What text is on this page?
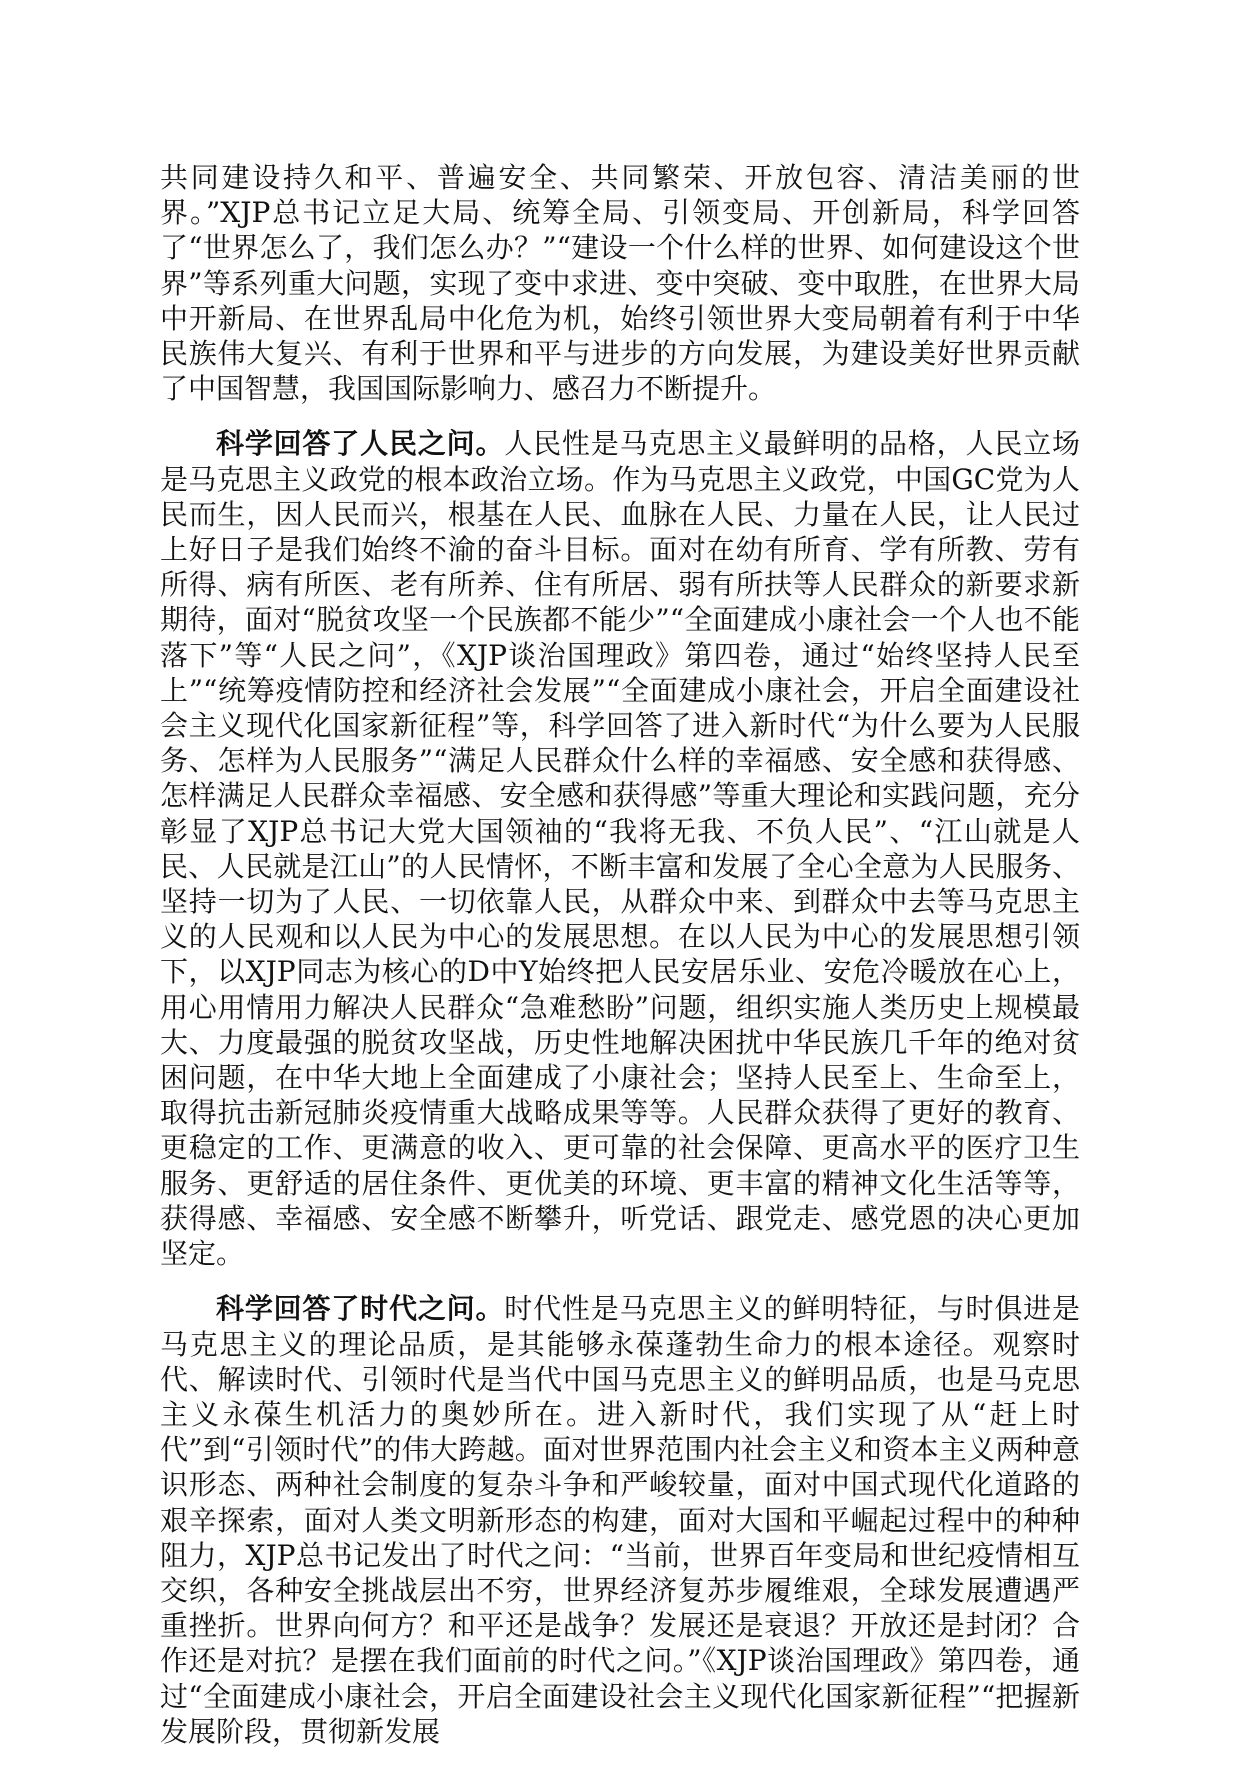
共同建设持久和平、普遍安全、共同繁荣、开放包容、清洁美丽的世界。”XJP总书记立足大局、统筹全局、引领变局、开创新局，科学回答了“世界怎么了，我们怎么办？”“建设一个什么样的世界、如何建设这个世界”等系列重大问题，实现了变中求进、变中突破、变中取胜，在世界大局中开新局、在世界乱局中化危为机，始终引领世界大变局朝着有利于中华民族伟大复兴、有利于世界和平与进步的方向发展，为建设美好世界贡献了中国智慧，我国国际影响力、感召力不断提升。

科学回答了人民之问。人民性是马克思主义最鲜明的品格，人民立场是马克思主义政党的根本政治立场。作为马克思主义政党，中国GC党为人民而生，因人民而兴，根基在人民、血脉在人民、力量在人民，让人民过上好日子是我们始终不渝的奋斗目标。面对在幼有所育、学有所教、劳有所得、病有所医、老有所养、住有所居、弱有所扶等人民群众的新要求新期待，面对“脱贫攻坚一个民族都不能少”“全面建成小康社会一个人也不能落下”等“人民之问”，《XJP谈治国理政》第四卷，通过“始终坚持人民至上”“统筹疫情防控和经济社会发展”“全面建成小康社会，开启全面建设社会主义现代化国家新征程”等，科学回答了进入新时代“为什么要为人民服务、怎样为人民服务”“满足人民群众什么样的幸福感、安全感和获得感、怎样满足人民群众幸福感、安全感和获得感”等重大理论和实践问题，充分彰显了XJP总书记大党大国领袖的“我将无我、不负人民”、“江山就是人民、人民就是江山”的人民情怀，不断丰富和发展了全心全意为人民服务、坚持一切为了人民、一切依靠人民，从群众中来、到群众中去等马克思主义的人民观和以人民为中心的发展思想。在以人民为中心的发展思想引领下，以XJP同志为核心的D中Y始终把人民安居乐业、安危冷暖放在心上，用心用情用力解决人民群众“急难愁盼”问题，组织实施人类历史上规模最大、力度最强的脱贫攻坚战，历史性地解决困扰中华民族几千年的绝对贫困问题，在中华大地上全面建成了小康社会；坚持人民至上、生命至上，取得抗击新冠肺炎疫情重大战略成果等等。人民群众获得了更好的教育、更稳定的工作、更满意的收入、更可靠的社会保障、更高水平的医疗卫生服务、更舒适的居住条件、更优美的环境、更丰富的精神文化生活等等，获得感、幸福感、安全感不断攀升，听党话、跟党走、感党恩的决心更加坚定。

科学回答了时代之问。时代性是马克思主义的鲜明特征，与时俱进是马克思主义的理论品质，是其能够永葆蓬勃生命力的根本途径。观察时代、解读时代、引领时代是当代中国马克思主义的鲜明品质，也是马克思主义永葆生机活力的奥妙所在。进入新时代，我们实现了从“赶上时代”到“引领时代”的伟大跨越。面对世界范围内社会主义和资本主义两种意识形态、两种社会制度的复杂斗争和严峻较量，面对中国式现代化道路的艰辛探索，面对人类文明新形态的构建，面对大国和平崛起过程中的种种阻力，XJP总书记发出了时代之问：“当前，世界百年变局和世纪疫情相互交织，各种安全挑战层出不穷，世界经济复苏步履维艰，全球发展遭遇严重挫折。世界向何方？和平还是战争？发展还是衰退？开放还是封闭？合作还是对抗？是摆在我们面前的时代之问。”《XJP谈治国理政》第四卷，通过“全面建成小康社会，开启全面建设社会主义现代化国家新征程”“把握新发展阶段，贯彻新发展
